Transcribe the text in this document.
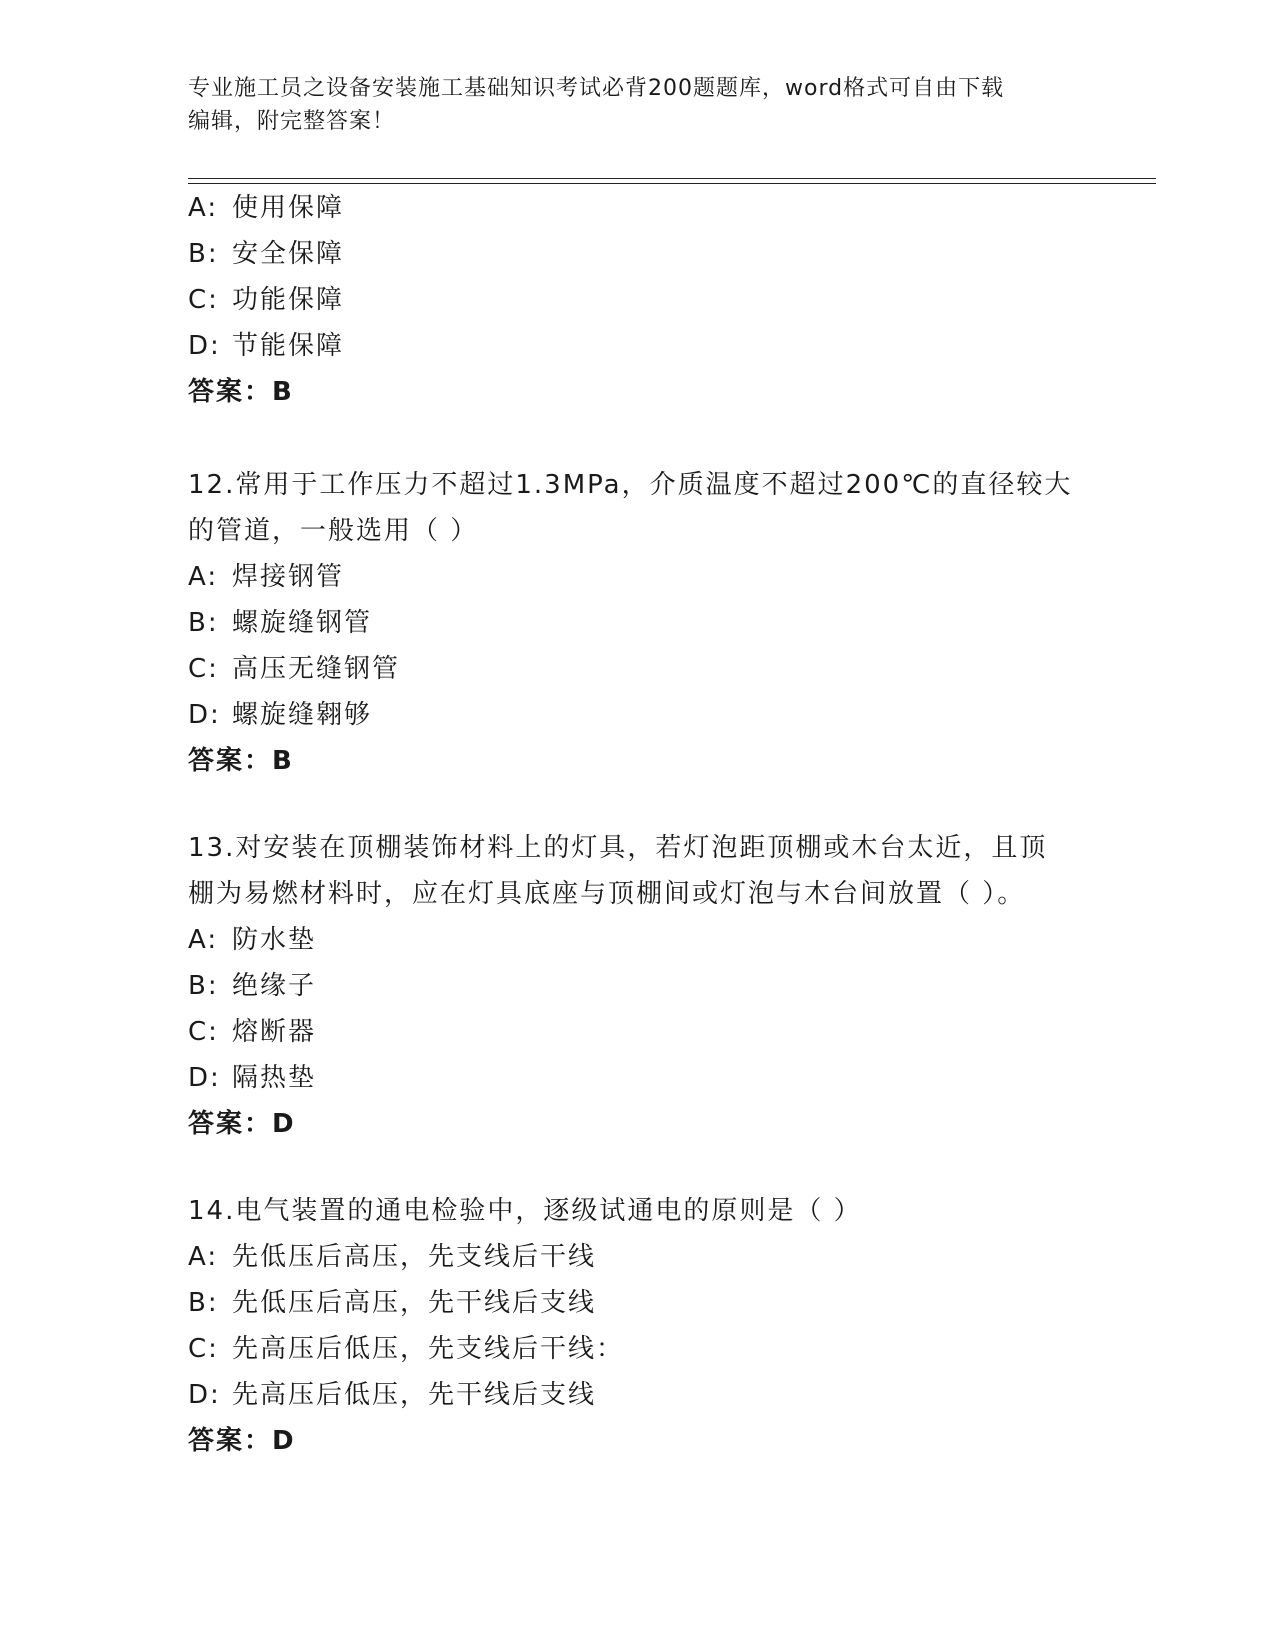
专业施工员之设备安装施工基础知识考试必背200题题库，word格式可自由下载
编辑，附完整答案！
A: 使用保障
B: 安全保障
C: 功能保障
D: 节能保障
答案：B
12.常用于工作压力不超过1.3MPa，介质温度不超过200℃的直径较大
的管道，一般选用（ ）
A: 焊接钢管
B: 螺旋缝钢管
C: 高压无缝钢管
D: 螺旋缝翱够
答案：B
13.对安装在顶棚装饰材料上的灯具，若灯泡距顶棚或木台太近，且顶
棚为易燃材料时，应在灯具底座与顶棚间或灯泡与木台间放置（ ）。
A: 防水垫
B: 绝缘子
C: 熔断器
D: 隔热垫
答案：D
14.电气装置的通电检验中，逐级试通电的原则是（ ）
A: 先低压后高压，先支线后干线
B: 先低压后高压，先干线后支线
C: 先高压后低压，先支线后干线：
D: 先高压后低压，先干线后支线
答案：D
